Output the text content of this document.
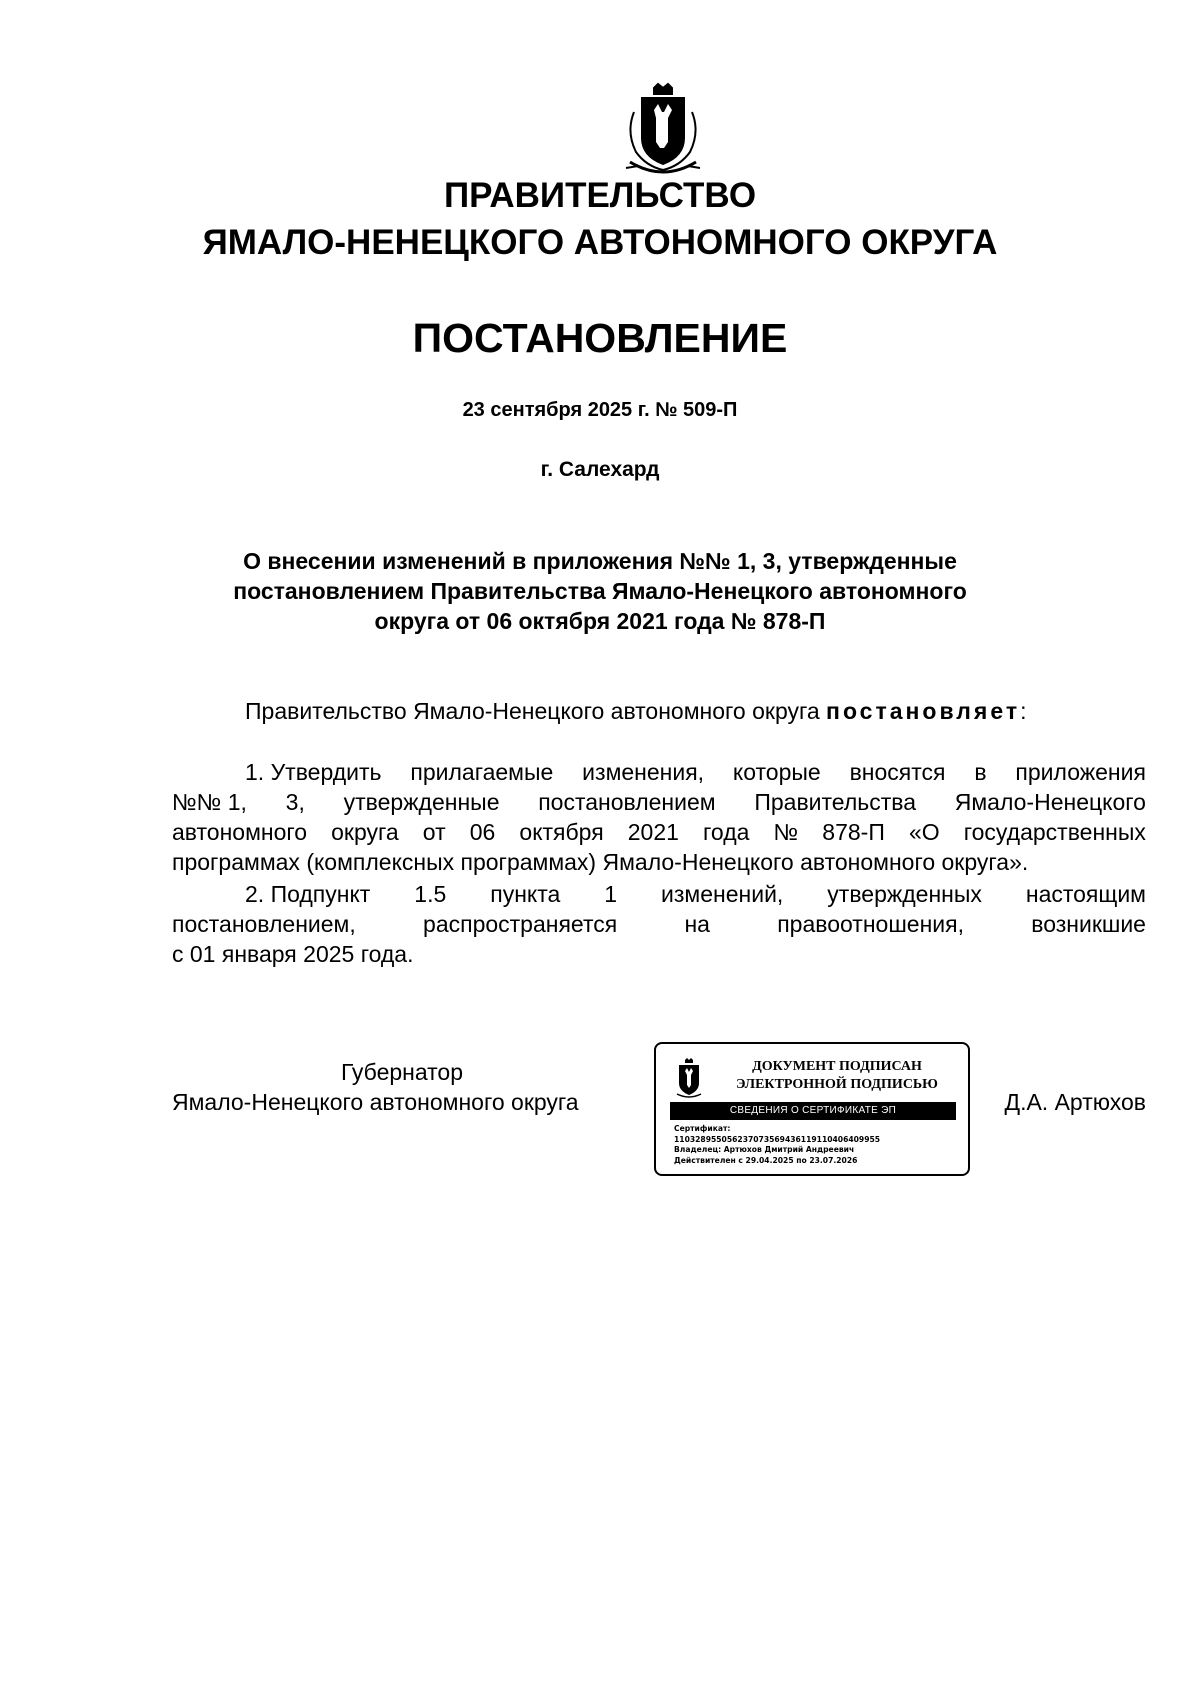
ПРАВИТЕЛЬСТВО
ЯМАЛО-НЕНЕЦКОГО АВТОНОМНОГО ОКРУГА
ПОСТАНОВЛЕНИЕ
23 сентября 2025 г. № 509-П
г. Салехард
О внесении изменений в приложения №№ 1, 3, утвержденные
постановлением Правительства Ямало-Ненецкого автономного
округа от 06 октября 2021 года № 878-П
Правительство Ямало-Ненецкого автономного округа постановляет:
1. Утвердить прилагаемые изменения, которые вносятся в приложения
№№ 1, 3, утвержденные постановлением Правительства Ямало-Ненецкого
автономного округа от 06 октября 2021 года № 878-П «О государственных
программах (комплексных программах) Ямало-Ненецкого автономного округа».
2. Подпункт 1.5 пункта 1 изменений, утвержденных настоящим
постановлением,	распространяется	на	правоотношения,	возникшие
с 01 января 2025 года.
Губернатор
Ямало-Ненецкого автономного округа
ДОКУМЕНТ ПОДПИСАН
ЭЛЕКТРОННОЙ ПОДПИСЬЮ
СВЕДЕНИЯ О СЕРТИФИКАТЕ ЭП
Сертификат:
110328955056237073569436119110406409955
Владелец: Артюхов Дмитрий Андреевич
Действителен с 29.04.2025 по 23.07.2026
Д.А. Артюхов
